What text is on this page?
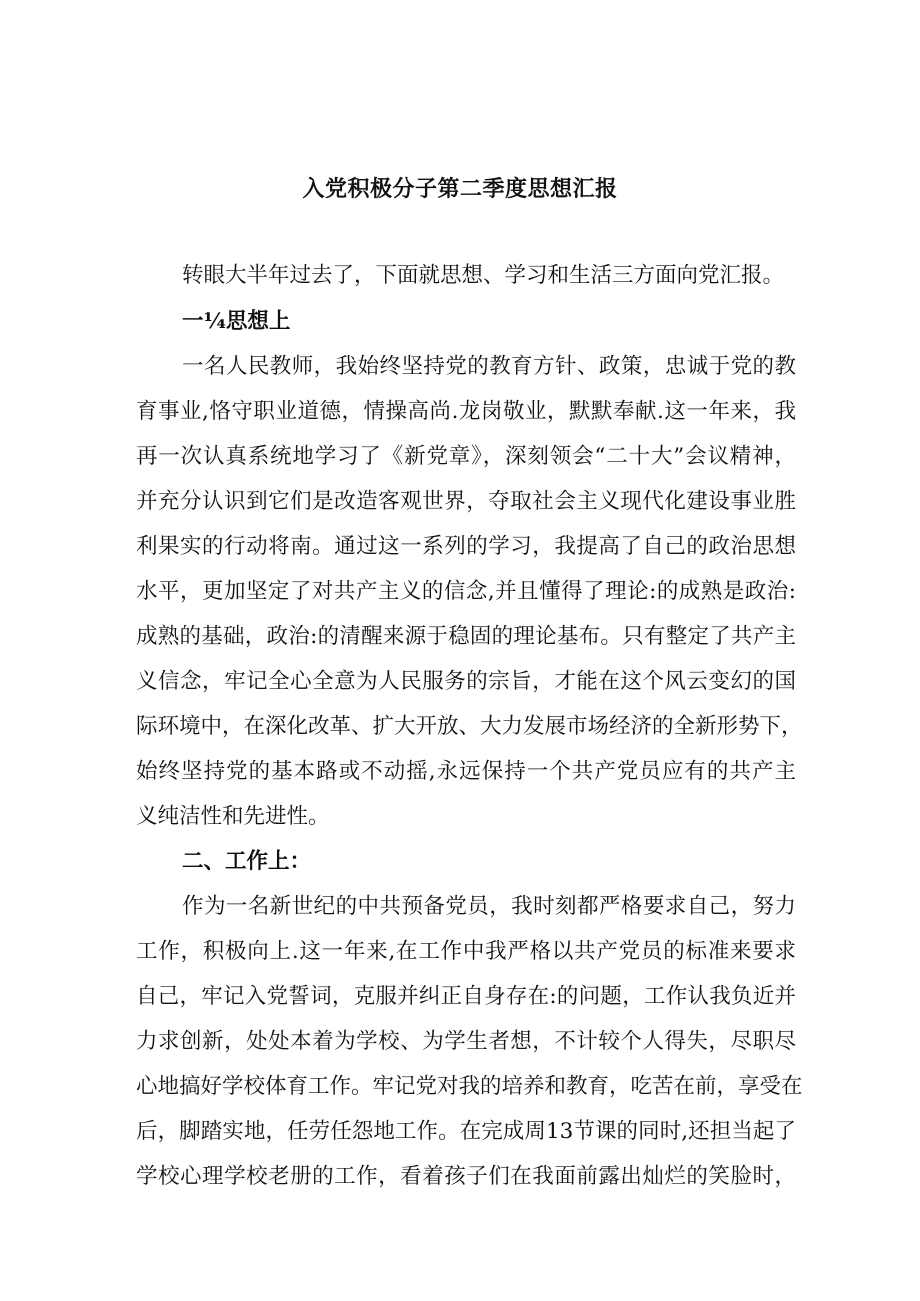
入党积极分子第二季度思想汇报
转眼大半年过去了，下面就思想、学习和生活三方面向党汇报。
一¼思想上
一名人民教师，我始终坚持党的教育方针、政策，忠诚于党的教
育事业,恪守职业道德，情操高尚.龙岗敬业，默默奉献.这一年来，我
再一次认真系统地学习了《新党章》，深刻领会“二十大”会议精神，
并充分认识到它们是改造客观世界，夺取社会主义现代化建设事业胜
利果实的行动将南。通过这一系列的学习，我提高了自己的政治思想
水平，更加坚定了对共产主义的信念,并且懂得了理论:的成熟是政治:
成熟的基础，政治:的清醒来源于稳固的理论基布。只有整定了共产主
义信念，牢记全心全意为人民服务的宗旨，才能在这个风云变幻的国
际环境中，在深化改革、扩大开放、大力发展市场经济的全新形势下，
始终坚持党的基本路或不动摇,永远保持一个共产党员应有的共产主
义纯洁性和先进性。
二、工作上：
作为一名新世纪的中共预备党员，我时刻都严格要求自己，努力
工作，积极向上.这一年来,在工作中我严格以共产党员的标准来要求
自己，牢记入党誓词，克服并纠正自身存在:的问题，工作认我负近并
力求创新，处处本着为学校、为学生者想，不计较个人得失，尽职尽
心地搞好学校体育工作。牢记党对我的培养和教育，吃苦在前，享受在
后，脚踏实地，任劳任怨地工作。在完成周13节课的同时,还担当起了
学校心理学校老册的工作，看着孩子们在我面前露出灿烂的笑脸时，
